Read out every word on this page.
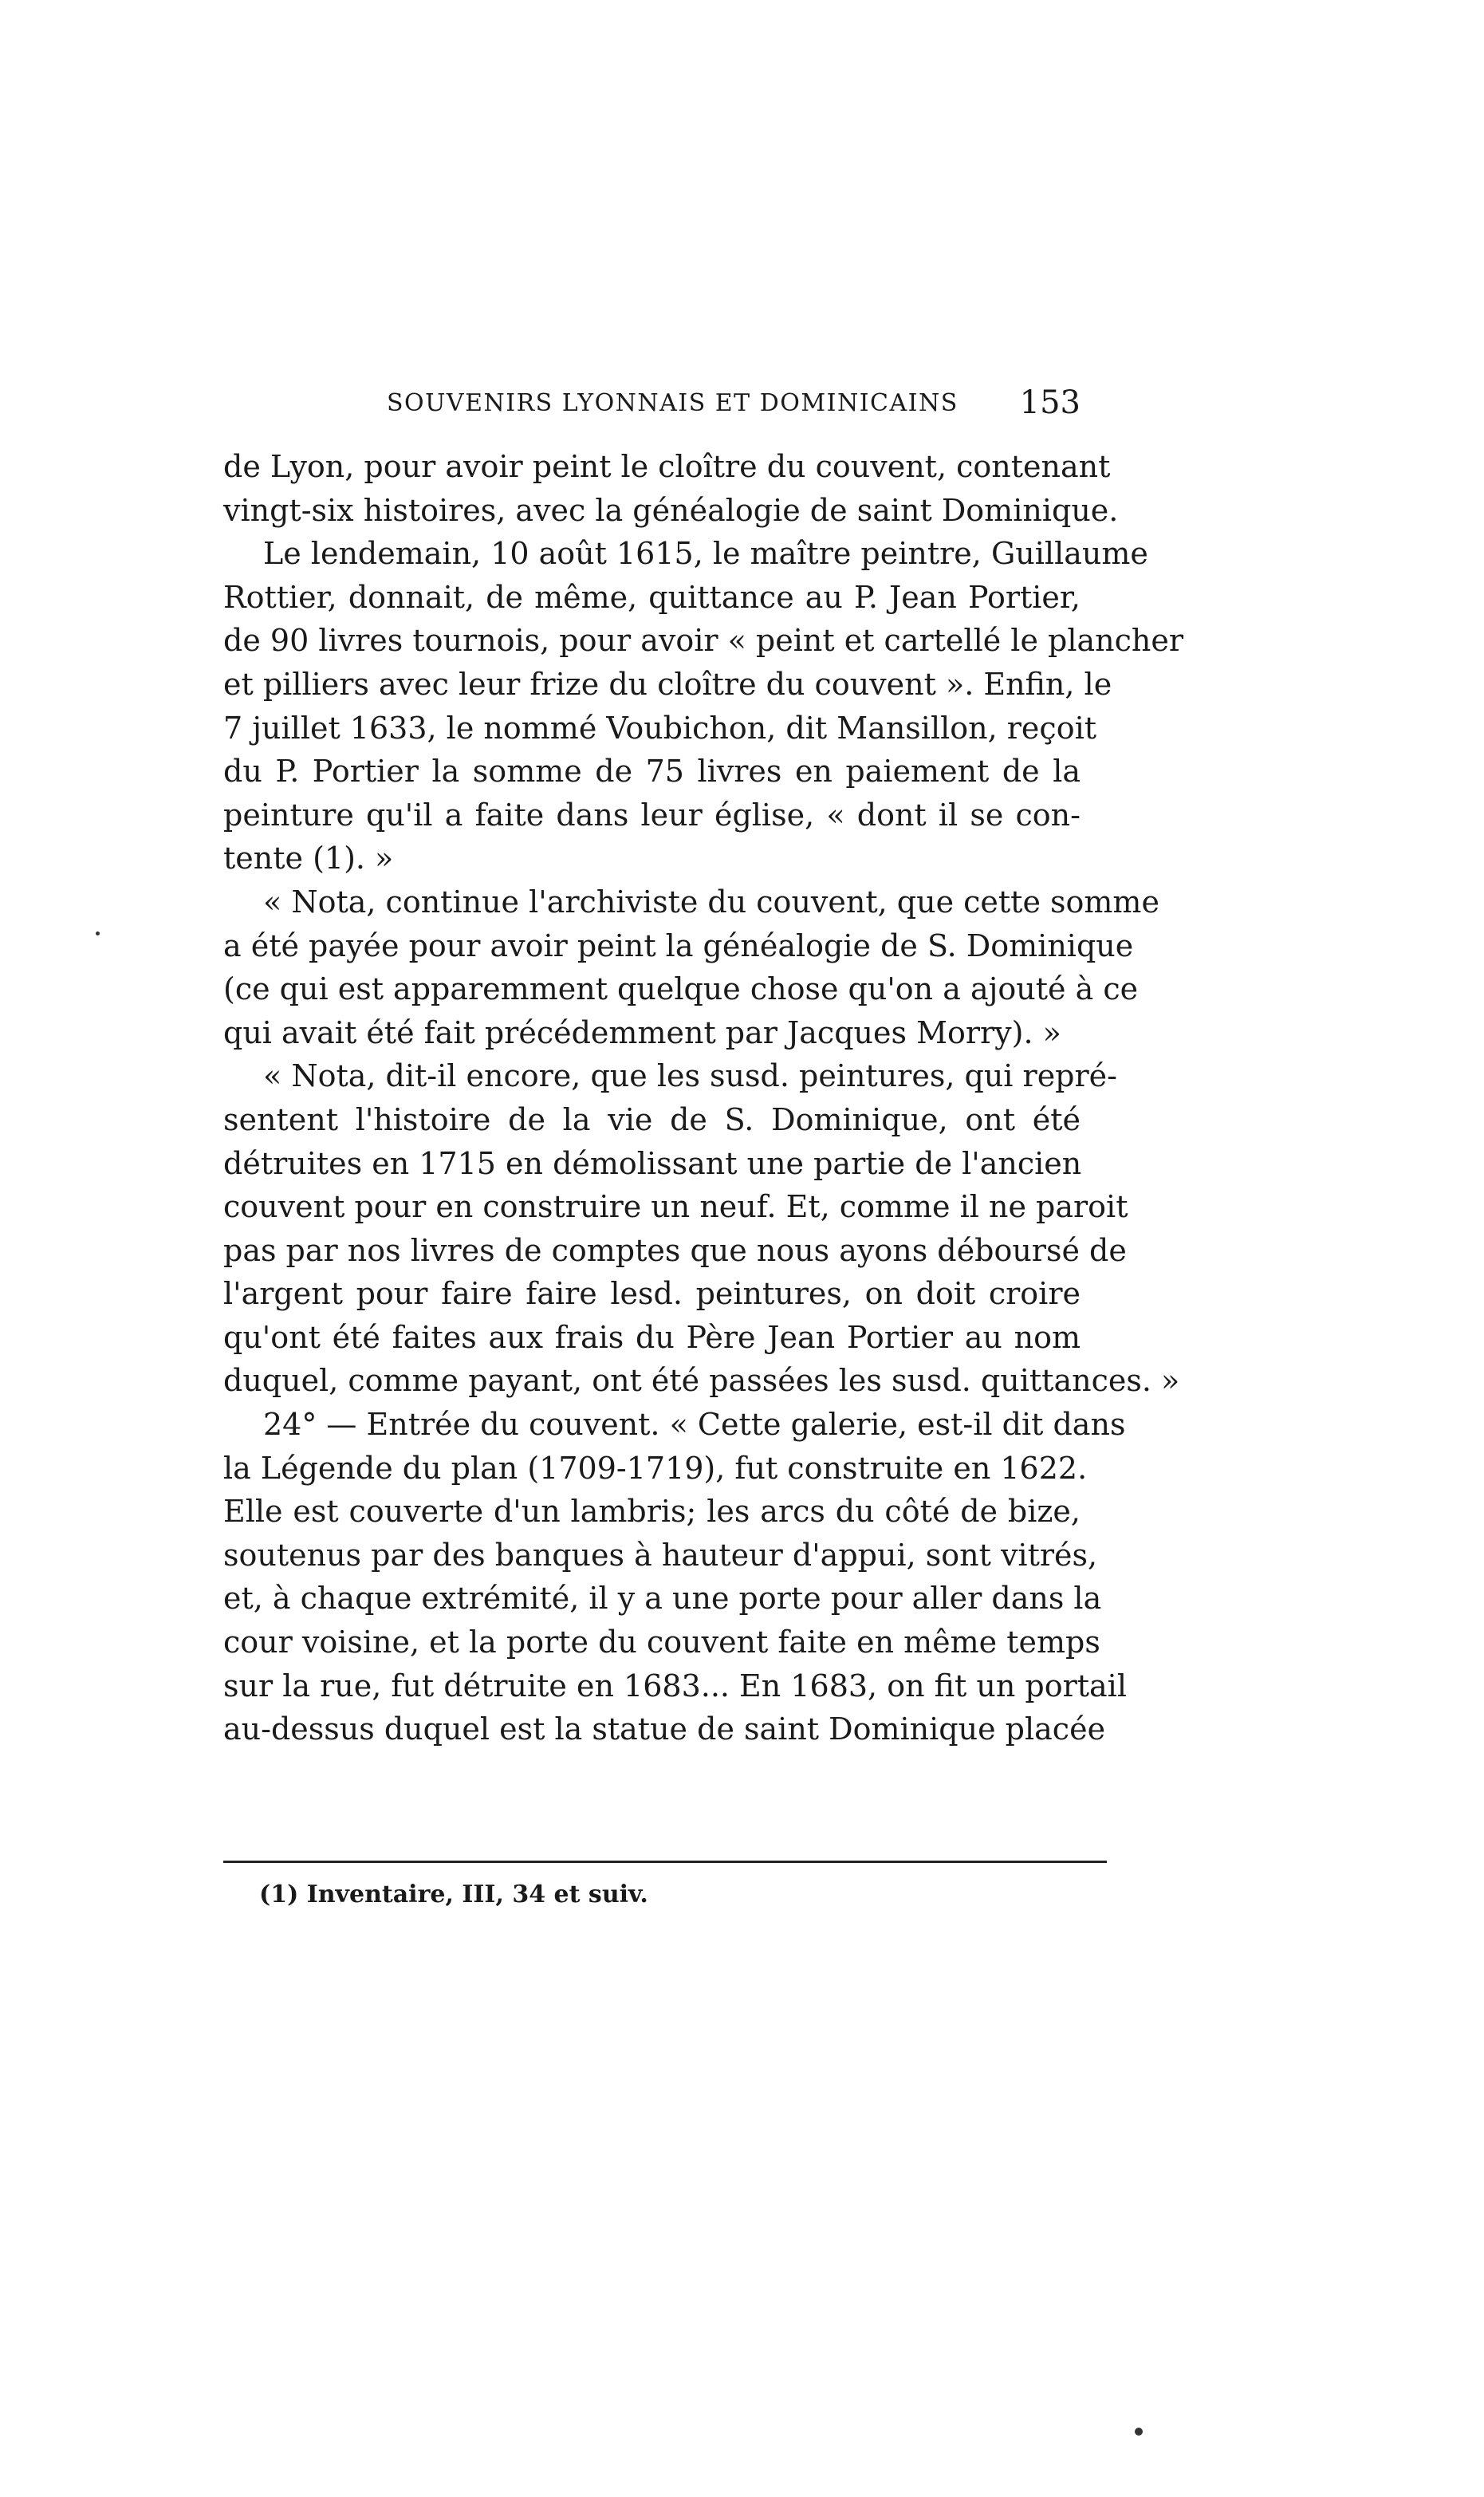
SOUVENIRS LYONNAIS ET DOMINICAINS 153
de Lyon, pour avoir peint le cloître du couvent, contenant
vingt-six histoires, avec la généalogie de saint Dominique.
Le lendemain, 10 août 1615, le maître peintre, Guillaume
Rottier, donnait, de même, quittance au P. Jean Portier,
de 90 livres tournois, pour avoir « peint et cartellé le plancher
et pilliers avec leur frize du cloître du couvent ». Enfin, le
7 juillet 1633, le nommé Voubichon, dit Mansillon, reçoit
du P. Portier la somme de 75 livres en paiement de la
peinture qu'il a faite dans leur église, « dont il se con-
tente (1). »
« Nota, continue l'archiviste du couvent, que cette somme
a été payée pour avoir peint la généalogie de S. Dominique
(ce qui est apparemment quelque chose qu'on a ajouté à ce
qui avait été fait précédemment par Jacques Morry). »
« Nota, dit-il encore, que les susd. peintures, qui repré-
sentent l'histoire de la vie de S. Dominique, ont été
détruites en 1715 en démolissant une partie de l'ancien
couvent pour en construire un neuf. Et, comme il ne paroit
pas par nos livres de comptes que nous ayons déboursé de
l'argent pour faire faire lesd. peintures, on doit croire
qu'ont été faites aux frais du Père Jean Portier au nom
duquel, comme payant, ont été passées les susd. quittances. »
24° — Entrée du couvent. « Cette galerie, est-il dit dans
la Légende du plan (1709-1719), fut construite en 1622.
Elle est couverte d'un lambris; les arcs du côté de bize,
soutenus par des banques à hauteur d'appui, sont vitrés,
et, à chaque extrémité, il y a une porte pour aller dans la
cour voisine, et la porte du couvent faite en même temps
sur la rue, fut détruite en 1683... En 1683, on fit un portail
au-dessus duquel est la statue de saint Dominique placée
(1) Inventaire, III, 34 et suiv.
